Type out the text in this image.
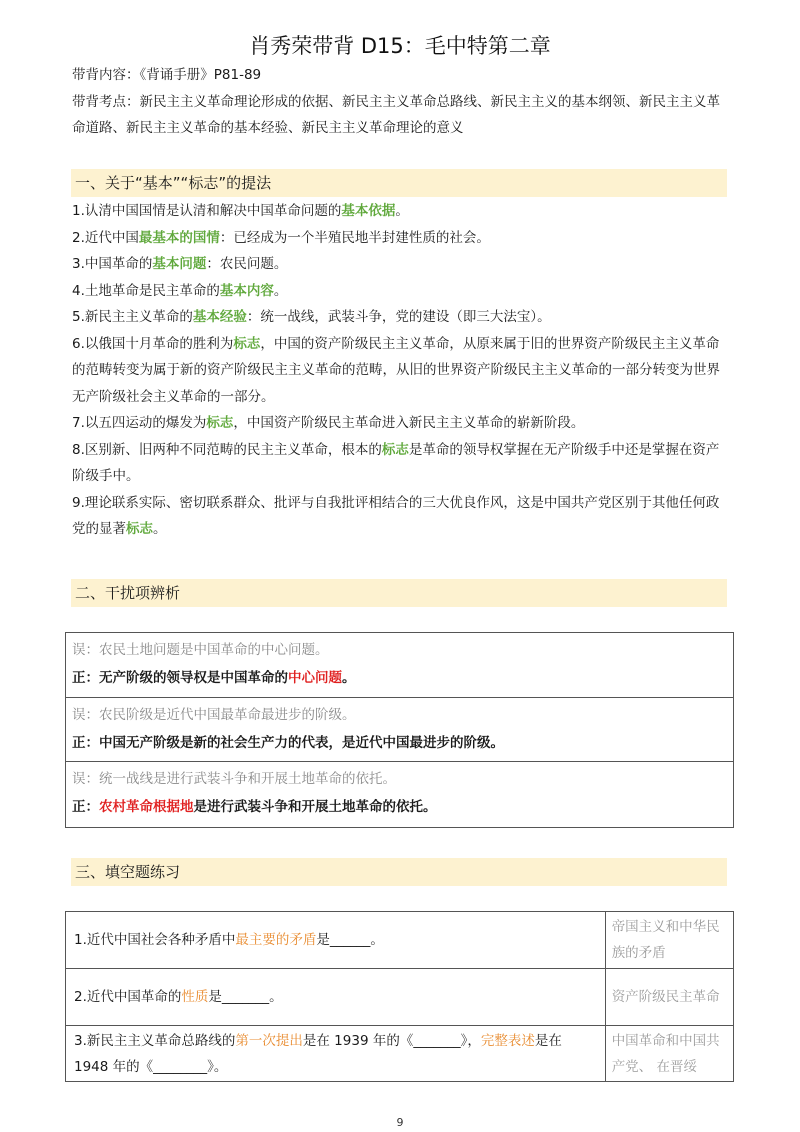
肖秀荣带背 D15：毛中特第二章
带背内容：《背诵手册》P81-89
带背考点：新民主主义革命理论形成的依据、新民主主义革命总路线、新民主主义的基本纲领、新民主主义革命道路、新民主主义革命的基本经验、新民主主义革命理论的意义
一、关于“基本”“标志”的提法
1.认清中国国情是认清和解决中国革命问题的基本依据。
2.近代中国最基本的国情：已经成为一个半殖民地半封建性质的社会。
3.中国革命的基本问题：农民问题。
4.土地革命是民主革命的基本内容。
5.新民主主义革命的基本经验：统一战线，武装斗争，党的建设（即三大法宝）。
6.以俄国十月革命的胜利为标志，中国的资产阶级民主主义革命，从原来属于旧的世界资产阶级民主主义革命的范畴转变为属于新的资产阶级民主主义革命的范畴，从旧的世界资产阶级民主主义革命的一部分转变为世界无产阶级社会主义革命的一部分。
7.以五四运动的爆发为标志，中国资产阶级民主革命进入新民主主义革命的崭新阶段。
8.区别新、旧两种不同范畴的民主主义革命，根本的标志是革命的领导权掌握在无产阶级手中还是掌握在资产阶级手中。
9.理论联系实际、密切联系群众、批评与自我批评相结合的三大优良作风，这是中国共产党区别于其他任何政党的显著标志。
二、干扰项辨析
误：农民土地问题是中国革命的中心问题。
正：无产阶级的领导权是中国革命的中心问题。
误：农民阶级是近代中国最革命最进步的阶级。
正：中国无产阶级是新的社会生产力的代表，是近代中国最进步的阶级。
误：统一战线是进行武装斗争和开展土地革命的依托。
正：农村革命根据地是进行武装斗争和开展土地革命的依托。
三、填空题练习
1.近代中国社会各种矛盾中最主要的矛盾是______。	帝国主义和中华民族的矛盾
2.近代中国革命的性质是_______。	资产阶级民主革命
3.新民主主义革命总路线的第一次提出是在 1939 年的《_______》，完整表述是在 1948 年的《________》。	中国革命和中国共产党、 在晋绥
9
